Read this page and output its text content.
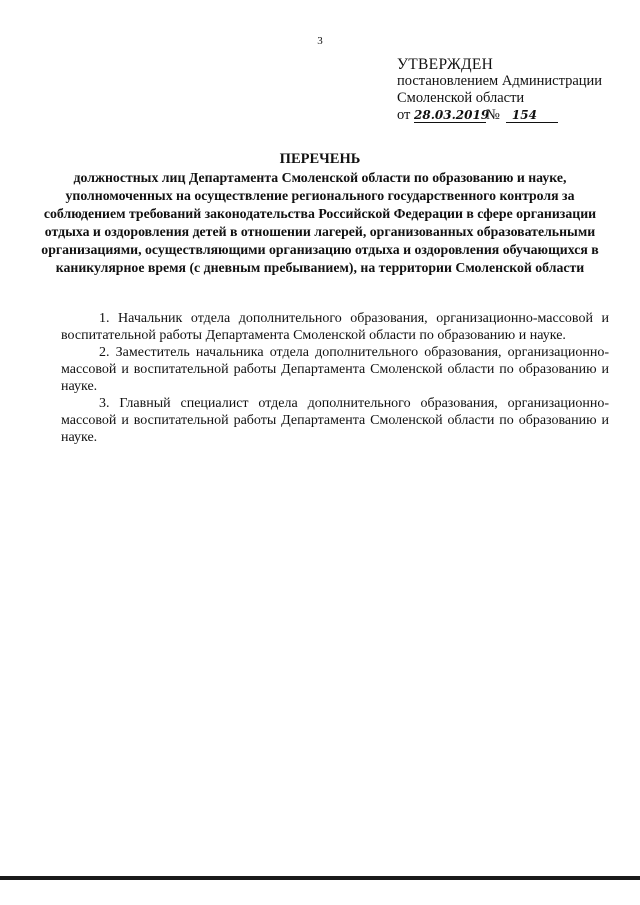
3
УТВЕРЖДЕН
постановлением Администрации
Смоленской области
от 28.03.2019№ 154
ПЕРЕЧЕНЬ
должностных лиц Департамента Смоленской области по образованию и науке, уполномоченных на осуществление регионального государственного контроля за соблюдением требований законодательства Российской Федерации в сфере организации отдыха и оздоровления детей в отношении лагерей, организованных образовательными организациями, осуществляющими организацию отдыха и оздоровления обучающихся в каникулярное время (с дневным пребыванием), на территории Смоленской области

1. Начальник отдела дополнительного образования, организационно-массовой и воспитательной работы Департамента Смоленской области по образованию и науке.

2. Заместитель начальника отдела дополнительного образования, организационно-массовой и воспитательной работы Департамента Смоленской области по образованию и науке.

3. Главный специалист отдела дополнительного образования, организационно-массовой и воспитательной работы Департамента Смоленской области по образованию и науке.
